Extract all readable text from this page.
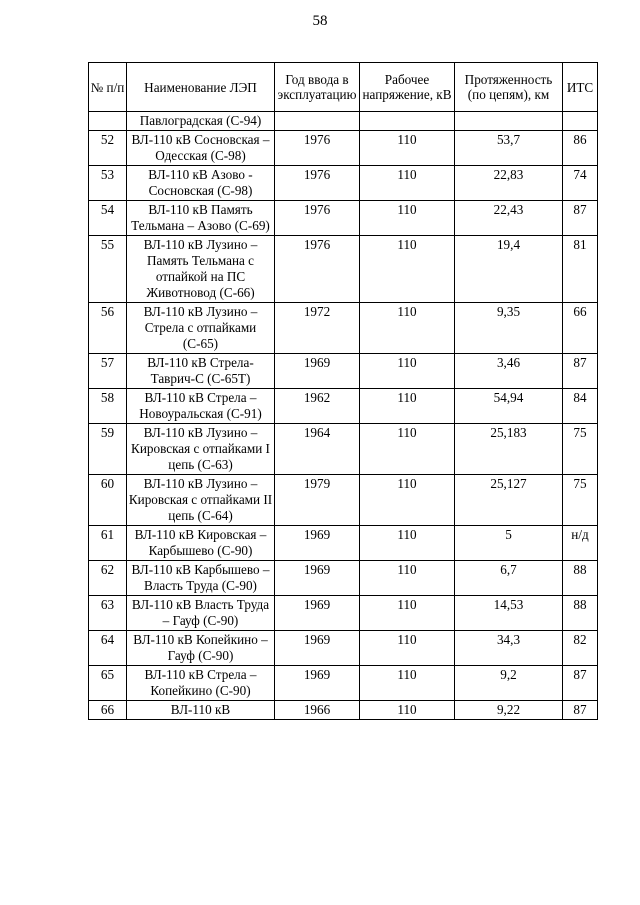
58
№ п/п	Наименование ЛЭП	Год ввода в эксплуатацию	Рабочее напряжение, кВ	Протяженность (по цепям), км	ИТС
	Павлоградская (С-94)				
52	ВЛ-110 кВ Сосновская – Одесская (С-98)	1976	110	53,7	86
53	ВЛ-110 кВ Азово - Сосновская (С-98)	1976	110	22,83	74
54	ВЛ-110 кВ Память Тельмана – Азово (С-69)	1976	110	22,43	87
55	ВЛ-110 кВ Лузино – Память Тельмана с отпайкой на ПС Животновод (С-66)	1976	110	19,4	81
56	ВЛ-110 кВ Лузино – Стрела с отпайками (С-65)	1972	110	9,35	66
57	ВЛ-110 кВ Стрела-Таврич-С (С-65Т)	1969	110	3,46	87
58	ВЛ-110 кВ Стрела – Новоуральская (С-91)	1962	110	54,94	84
59	ВЛ-110 кВ Лузино – Кировская с отпайками I цепь (С-63)	1964	110	25,183	75
60	ВЛ-110 кВ Лузино – Кировская с отпайками II цепь (С-64)	1979	110	25,127	75
61	ВЛ-110 кВ Кировская – Карбышево (С-90)	1969	110	5	н/д
62	ВЛ-110 кВ Карбышево – Власть Труда (С-90)	1969	110	6,7	88
63	ВЛ-110 кВ Власть Труда – Гауф (С-90)	1969	110	14,53	88
64	ВЛ-110 кВ Копейкино – Гауф (С-90)	1969	110	34,3	82
65	ВЛ-110 кВ Стрела – Копейкино (С-90)	1969	110	9,2	87
66	ВЛ-110 кВ	1966	110	9,22	87
